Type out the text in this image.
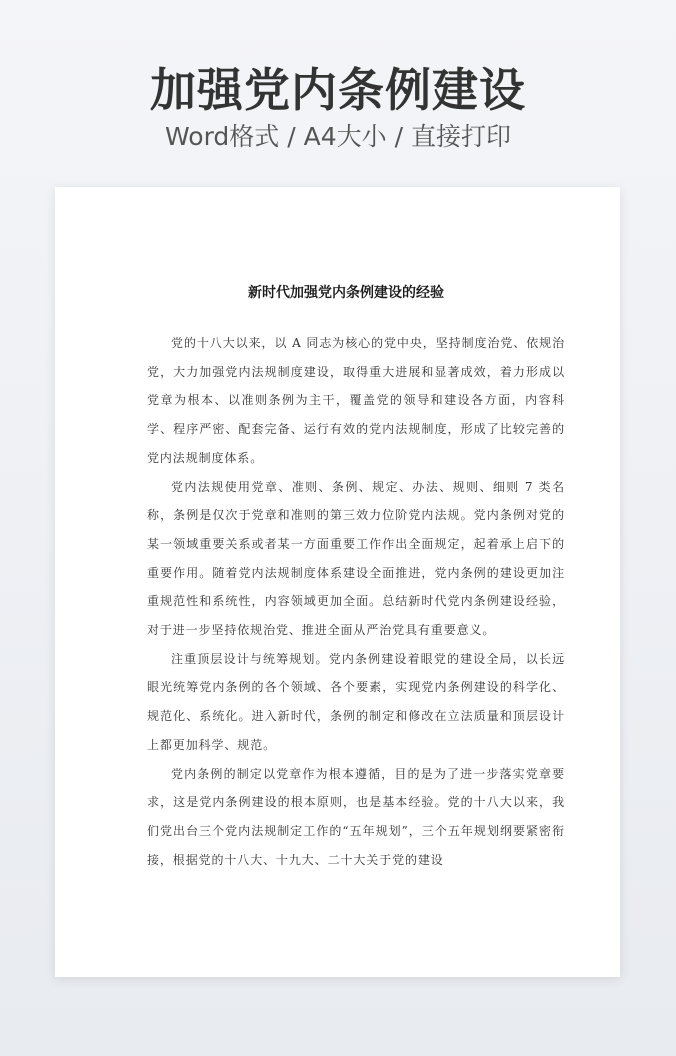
加强党内条例建设
Word格式 / A4大小 / 直接打印
新时代加强党内条例建设的经验

党的十八大以来，以 A 同志为核心的党中央，坚持制度治党、依规治党，大力加强党内法规制度建设，取得重大进展和显著成效，着力形成以党章为根本、以准则条例为主干，覆盖党的领导和建设各方面，内容科学、程序严密、配套完备、运行有效的党内法规制度，形成了比较完善的党内法规制度体系。

党内法规使用党章、准则、条例、规定、办法、规则、细则 7 类名称，条例是仅次于党章和准则的第三效力位阶党内法规。党内条例对党的某一领域重要关系或者某一方面重要工作作出全面规定，起着承上启下的重要作用。随着党内法规制度体系建设全面推进，党内条例的建设更加注重规范性和系统性，内容领域更加全面。总结新时代党内条例建设经验，对于进一步坚持依规治党、推进全面从严治党具有重要意义。

注重顶层设计与统筹规划。党内条例建设着眼党的建设全局，以长远眼光统筹党内条例的各个领域、各个要素，实现党内条例建设的科学化、规范化、系统化。进入新时代，条例的制定和修改在立法质量和顶层设计上都更加科学、规范。

党内条例的制定以党章作为根本遵循，目的是为了进一步落实党章要求，这是党内条例建设的根本原则，也是基本经验。党的十八大以来，我们党出台三个党内法规制定工作的“五年规划”，三个五年规划纲要紧密衔接，根据党的十八大、十九大、二十大关于党的建设
